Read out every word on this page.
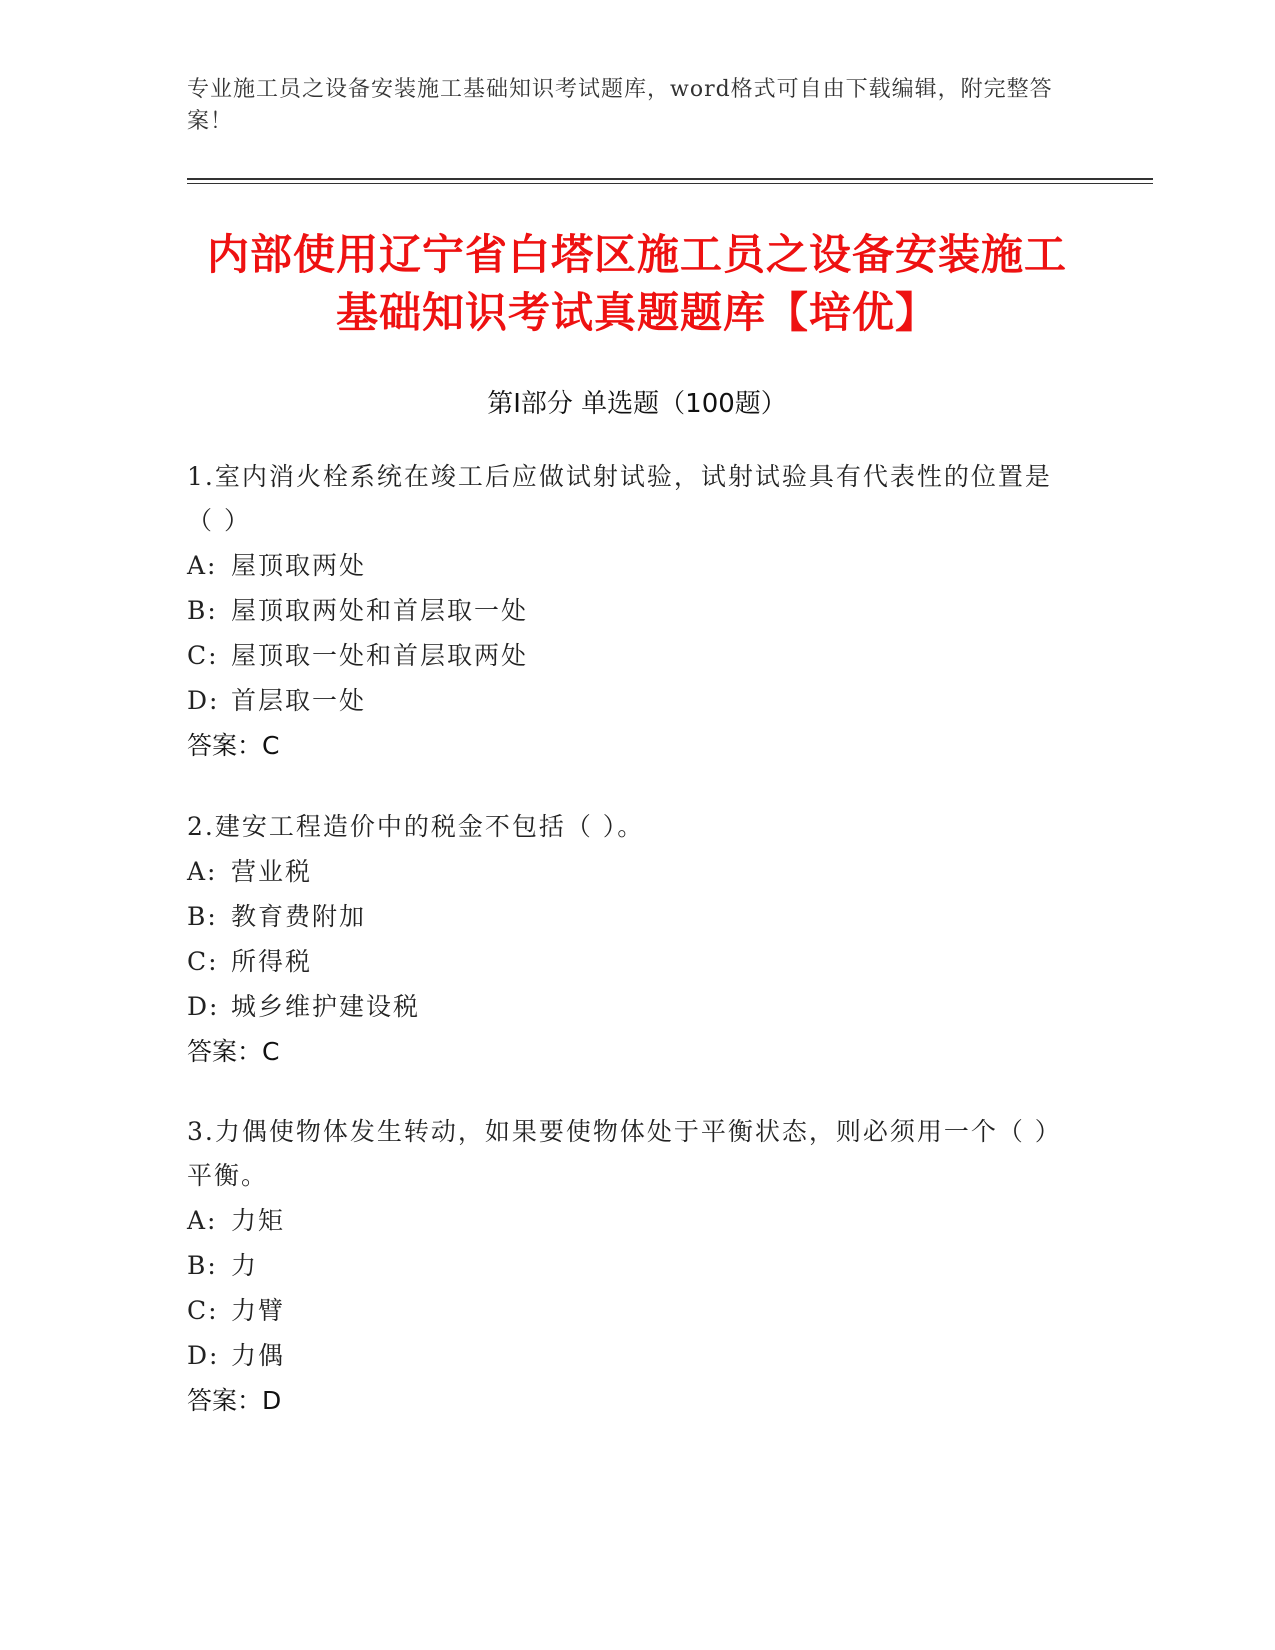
专业施工员之设备安装施工基础知识考试题库，word格式可自由下载编辑，附完整答案！
内部使用辽宁省白塔区施工员之设备安装施工基础知识考试真题题库【培优】
第I部分 单选题（100题）
1.室内消火栓系统在竣工后应做试射试验，试射试验具有代表性的位置是（ ）
A: 屋顶取两处
B: 屋顶取两处和首层取一处
C: 屋顶取一处和首层取两处
D: 首层取一处
答案：C
2.建安工程造价中的税金不包括（ ）。
A: 营业税
B: 教育费附加
C: 所得税
D: 城乡维护建设税
答案：C
3.力偶使物体发生转动，如果要使物体处于平衡状态，则必须用一个（ ）平衡。
A: 力矩
B: 力
C: 力臂
D: 力偶
答案：D
